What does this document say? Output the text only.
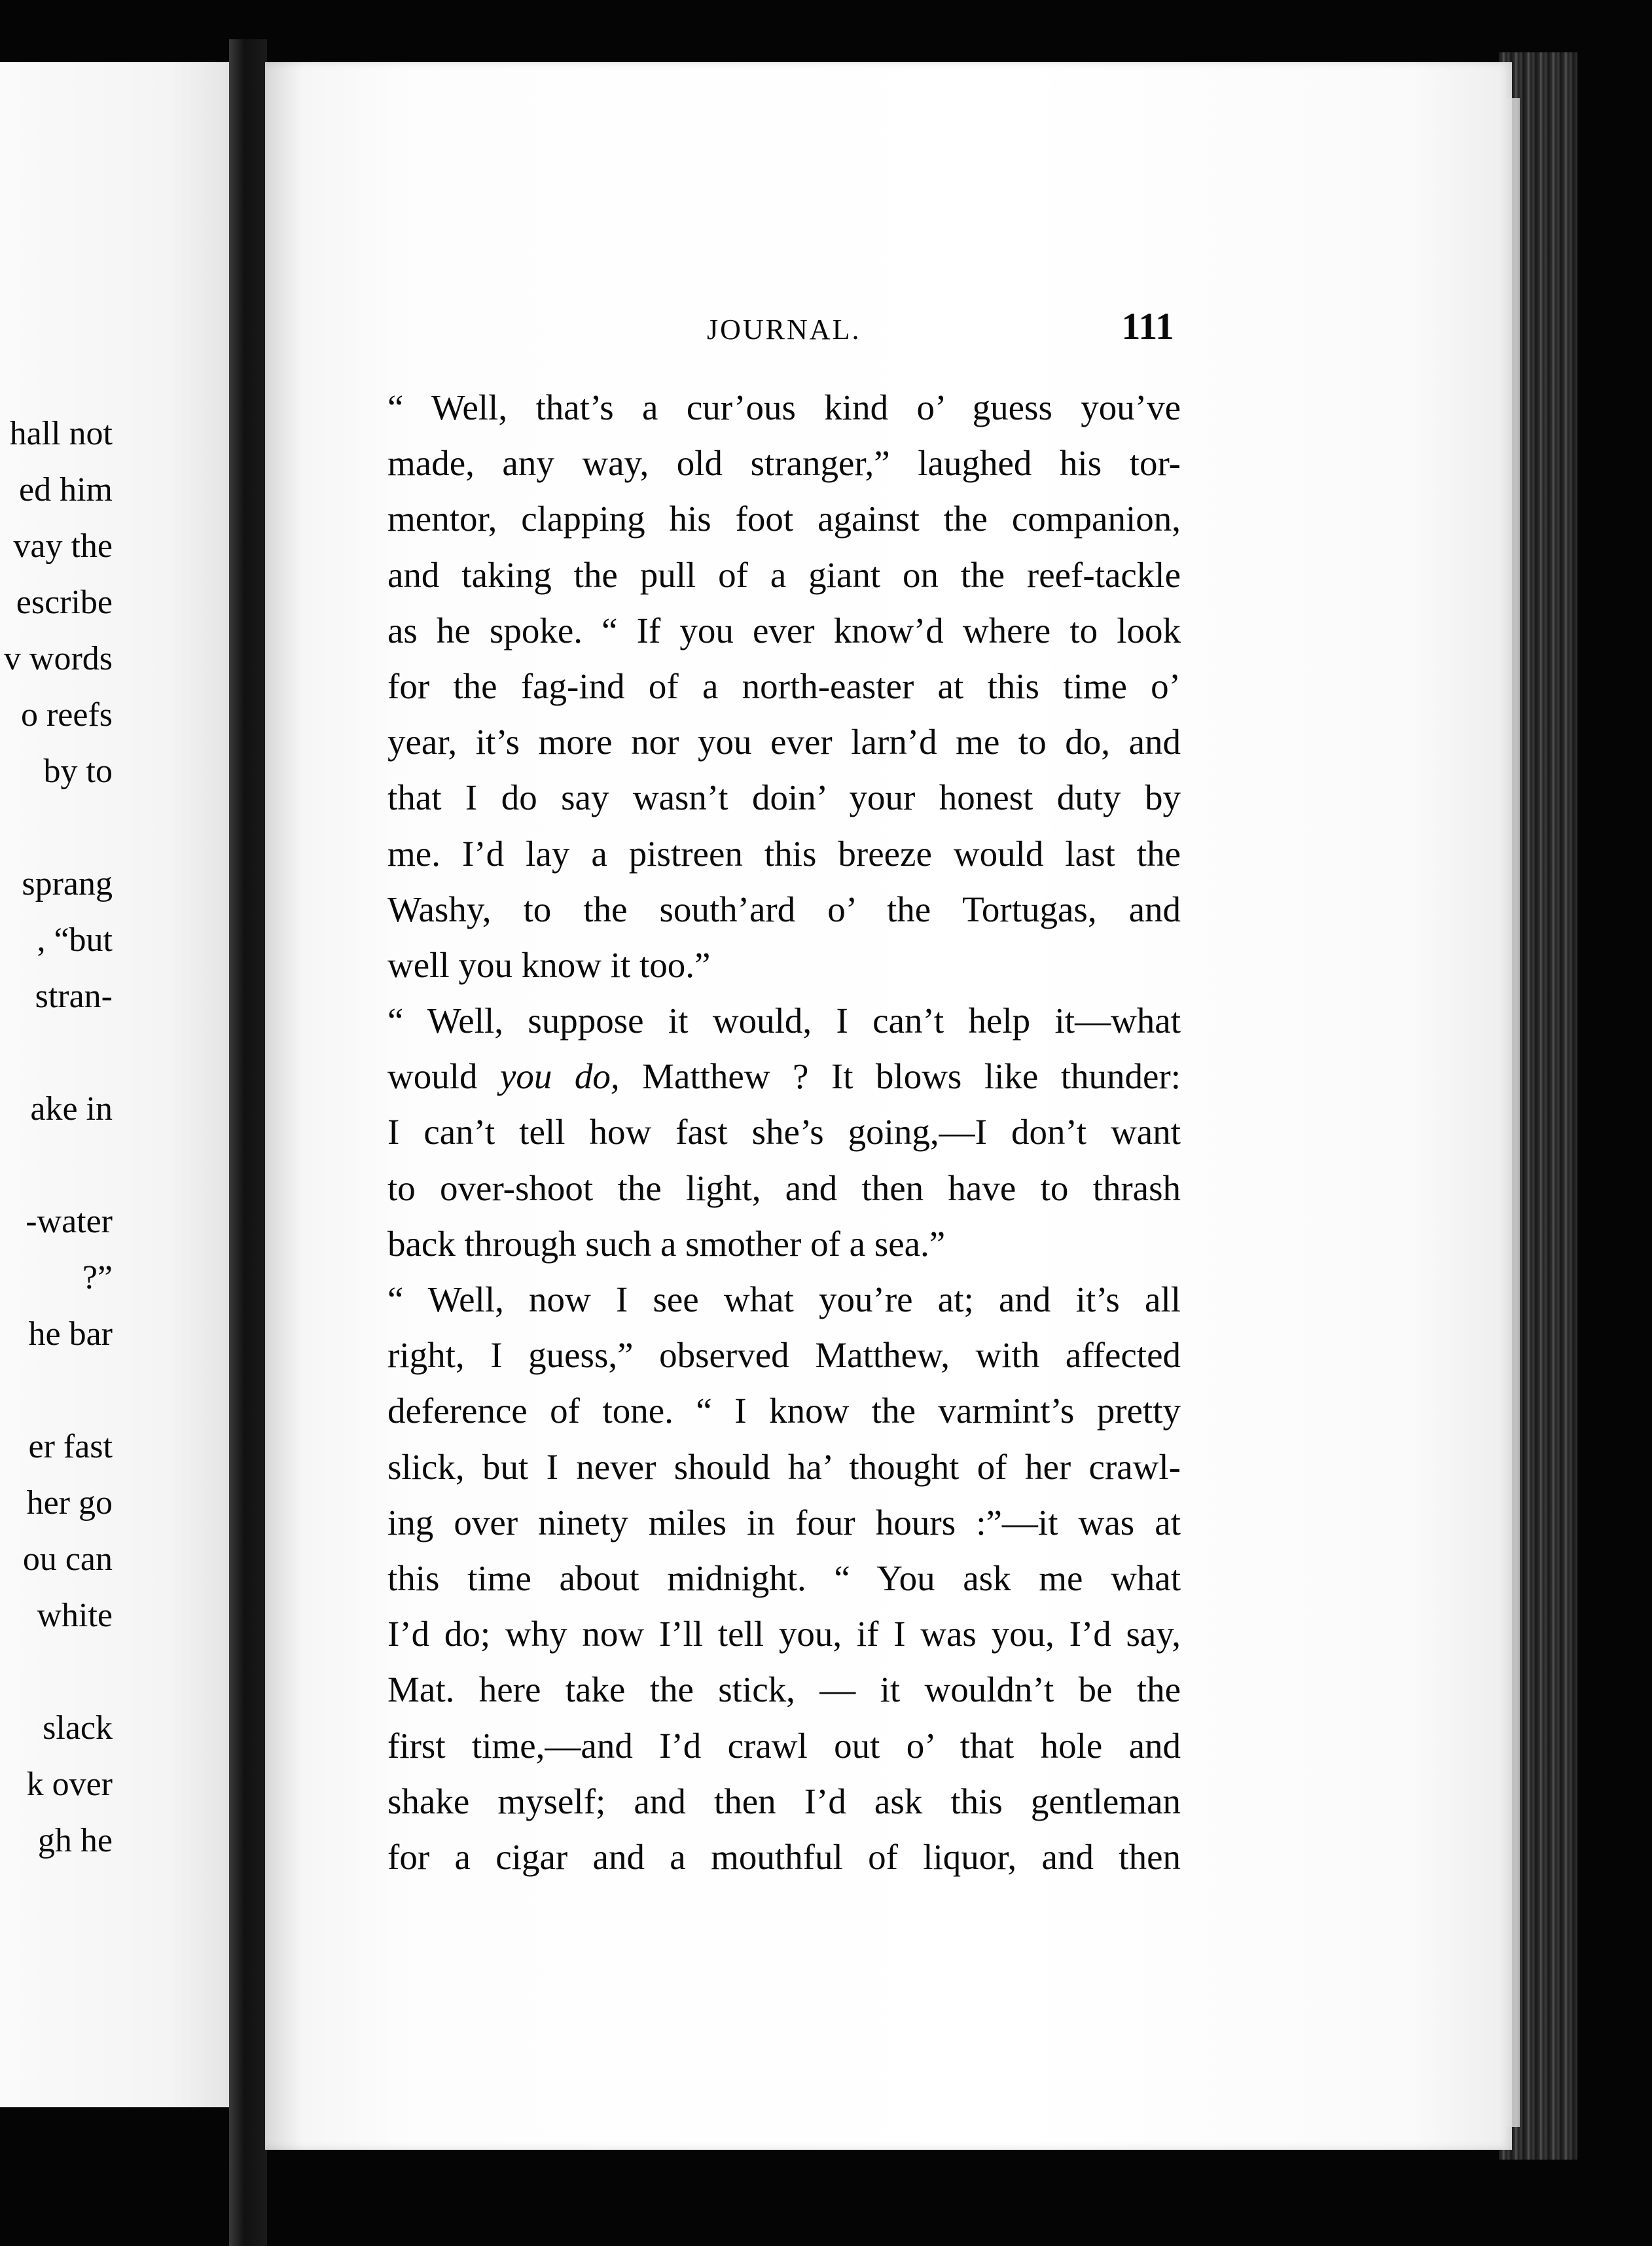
hall not
ed him
vay the
escribe
v words
o reefs
by to
sprang
, “but
stran-
ake in
-water
?”
he bar
er fast
her go
ou can
white
slack
k over
gh he
JOURNAL.	111
“ Well, that’s a cur’ous kind o’ guess you’ve
made, any way, old stranger,” laughed his tor-
mentor, clapping his foot against the companion,
and taking the pull of a giant on the reef-tackle
as he spoke. “ If you ever know’d where to look
for the fag-ind of a north-easter at this time o’
year, it’s more nor you ever larn’d me to do, and
that I do say wasn’t doin’ your honest duty by
me. I’d lay a pistreen this breeze would last the
Washy, to the south’ard o’ the Tortugas, and
well you know it too.”
“ Well, suppose it would, I can’t help it—what
would you do, Matthew ? It blows like thunder:
I can’t tell how fast she’s going,—I don’t want
to over-shoot the light, and then have to thrash
back through such a smother of a sea.”
“ Well, now I see what you’re at; and it’s all
right, I guess,” observed Matthew, with affected
deference of tone. “ I know the varmint’s pretty
slick, but I never should ha’ thought of her crawl-
ing over ninety miles in four hours :”—it was at
this time about midnight. “ You ask me what
I’d do; why now I’ll tell you, if I was you, I’d say,
Mat. here take the stick, — it wouldn’t be the
first time,—and I’d crawl out o’ that hole and
shake myself; and then I’d ask this gentleman
for a cigar and a mouthful of liquor, and then
